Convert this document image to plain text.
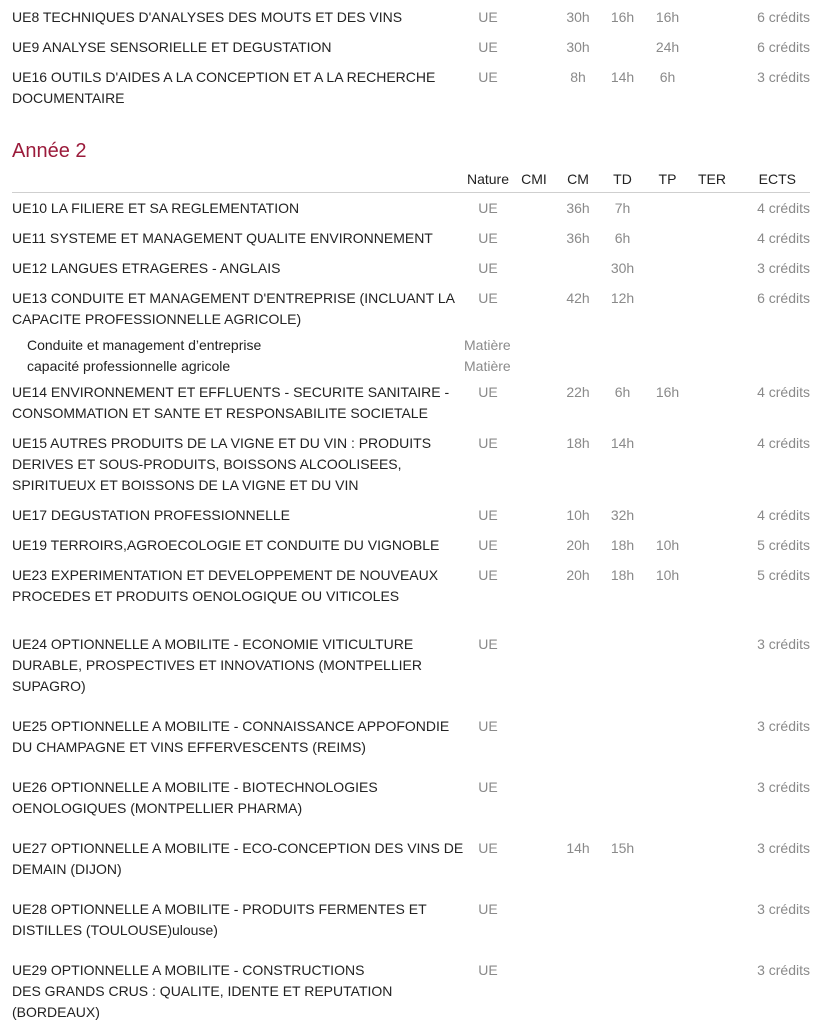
UE8 TECHNIQUES D'ANALYSES DES MOUTS ET DES VINS	UE		30h	16h	16h		6 crédits
UE9 ANALYSE SENSORIELLE ET DEGUSTATION	UE		30h		24h		6 crédits
UE16 OUTILS D'AIDES A LA CONCEPTION ET A LA RECHERCHE DOCUMENTAIRE	UE		8h	14h	6h		3 crédits
Année 2
	Nature	CMI	CM	TD	TP	TER	ECTS
UE10 LA FILIERE ET SA REGLEMENTATION	UE		36h	7h			4 crédits
UE11 SYSTEME ET MANAGEMENT QUALITE ENVIRONNEMENT	UE		36h	6h			4 crédits
UE12 LANGUES ETRAGERES - ANGLAIS	UE			30h			3 crédits
UE13 CONDUITE ET MANAGEMENT D'ENTREPRISE (INCLUANT LA CAPACITE PROFESSIONNELLE AGRICOLE)	UE		42h	12h			6 crédits
Conduite et management d’entreprise	Matière						
capacité professionnelle agricole	Matière						
UE14 ENVIRONNEMENT ET EFFLUENTS - SECURITE SANITAIRE - CONSOMMATION ET SANTE ET RESPONSABILITE SOCIETALE	UE		22h	6h	16h		4 crédits
UE15 AUTRES PRODUITS DE LA VIGNE ET DU VIN : PRODUITS DERIVES ET SOUS-PRODUITS, BOISSONS ALCOOLISEES, SPIRITUEUX ET BOISSONS DE LA VIGNE ET DU VIN	UE		18h	14h			4 crédits
UE17 DEGUSTATION PROFESSIONNELLE	UE		10h	32h			4 crédits
UE19 TERROIRS,AGROECOLOGIE ET CONDUITE DU VIGNOBLE	UE		20h	18h	10h		5 crédits
UE23 EXPERIMENTATION ET DEVELOPPEMENT DE NOUVEAUX PROCEDES ET PRODUITS OENOLOGIQUE OU VITICOLES	UE		20h	18h	10h		5 crédits
UE24 OPTIONNELLE A MOBILITE - ECONOMIE VITICULTURE DURABLE, PROSPECTIVES ET INNOVATIONS (MONTPELLIER SUPAGRO)	UE						3 crédits
UE25 OPTIONNELLE A MOBILITE - CONNAISSANCE APPOFONDIE DU CHAMPAGNE ET VINS EFFERVESCENTS (REIMS)	UE						3 crédits
UE26 OPTIONNELLE A MOBILITE - BIOTECHNOLOGIES OENOLOGIQUES (MONTPELLIER PHARMA)	UE						3 crédits
UE27 OPTIONNELLE A MOBILITE - ECO-CONCEPTION DES VINS DE DEMAIN (DIJON)	UE		14h	15h			3 crédits
UE28 OPTIONNELLE A MOBILITE - PRODUITS FERMENTES ET DISTILLES (TOULOUSE)ulouse)	UE						3 crédits
UE29 OPTIONNELLE A MOBILITE - CONSTRUCTIONS
DES GRANDS CRUS : QUALITE, IDENTE ET REPUTATION (BORDEAUX)	UE						3 crédits
